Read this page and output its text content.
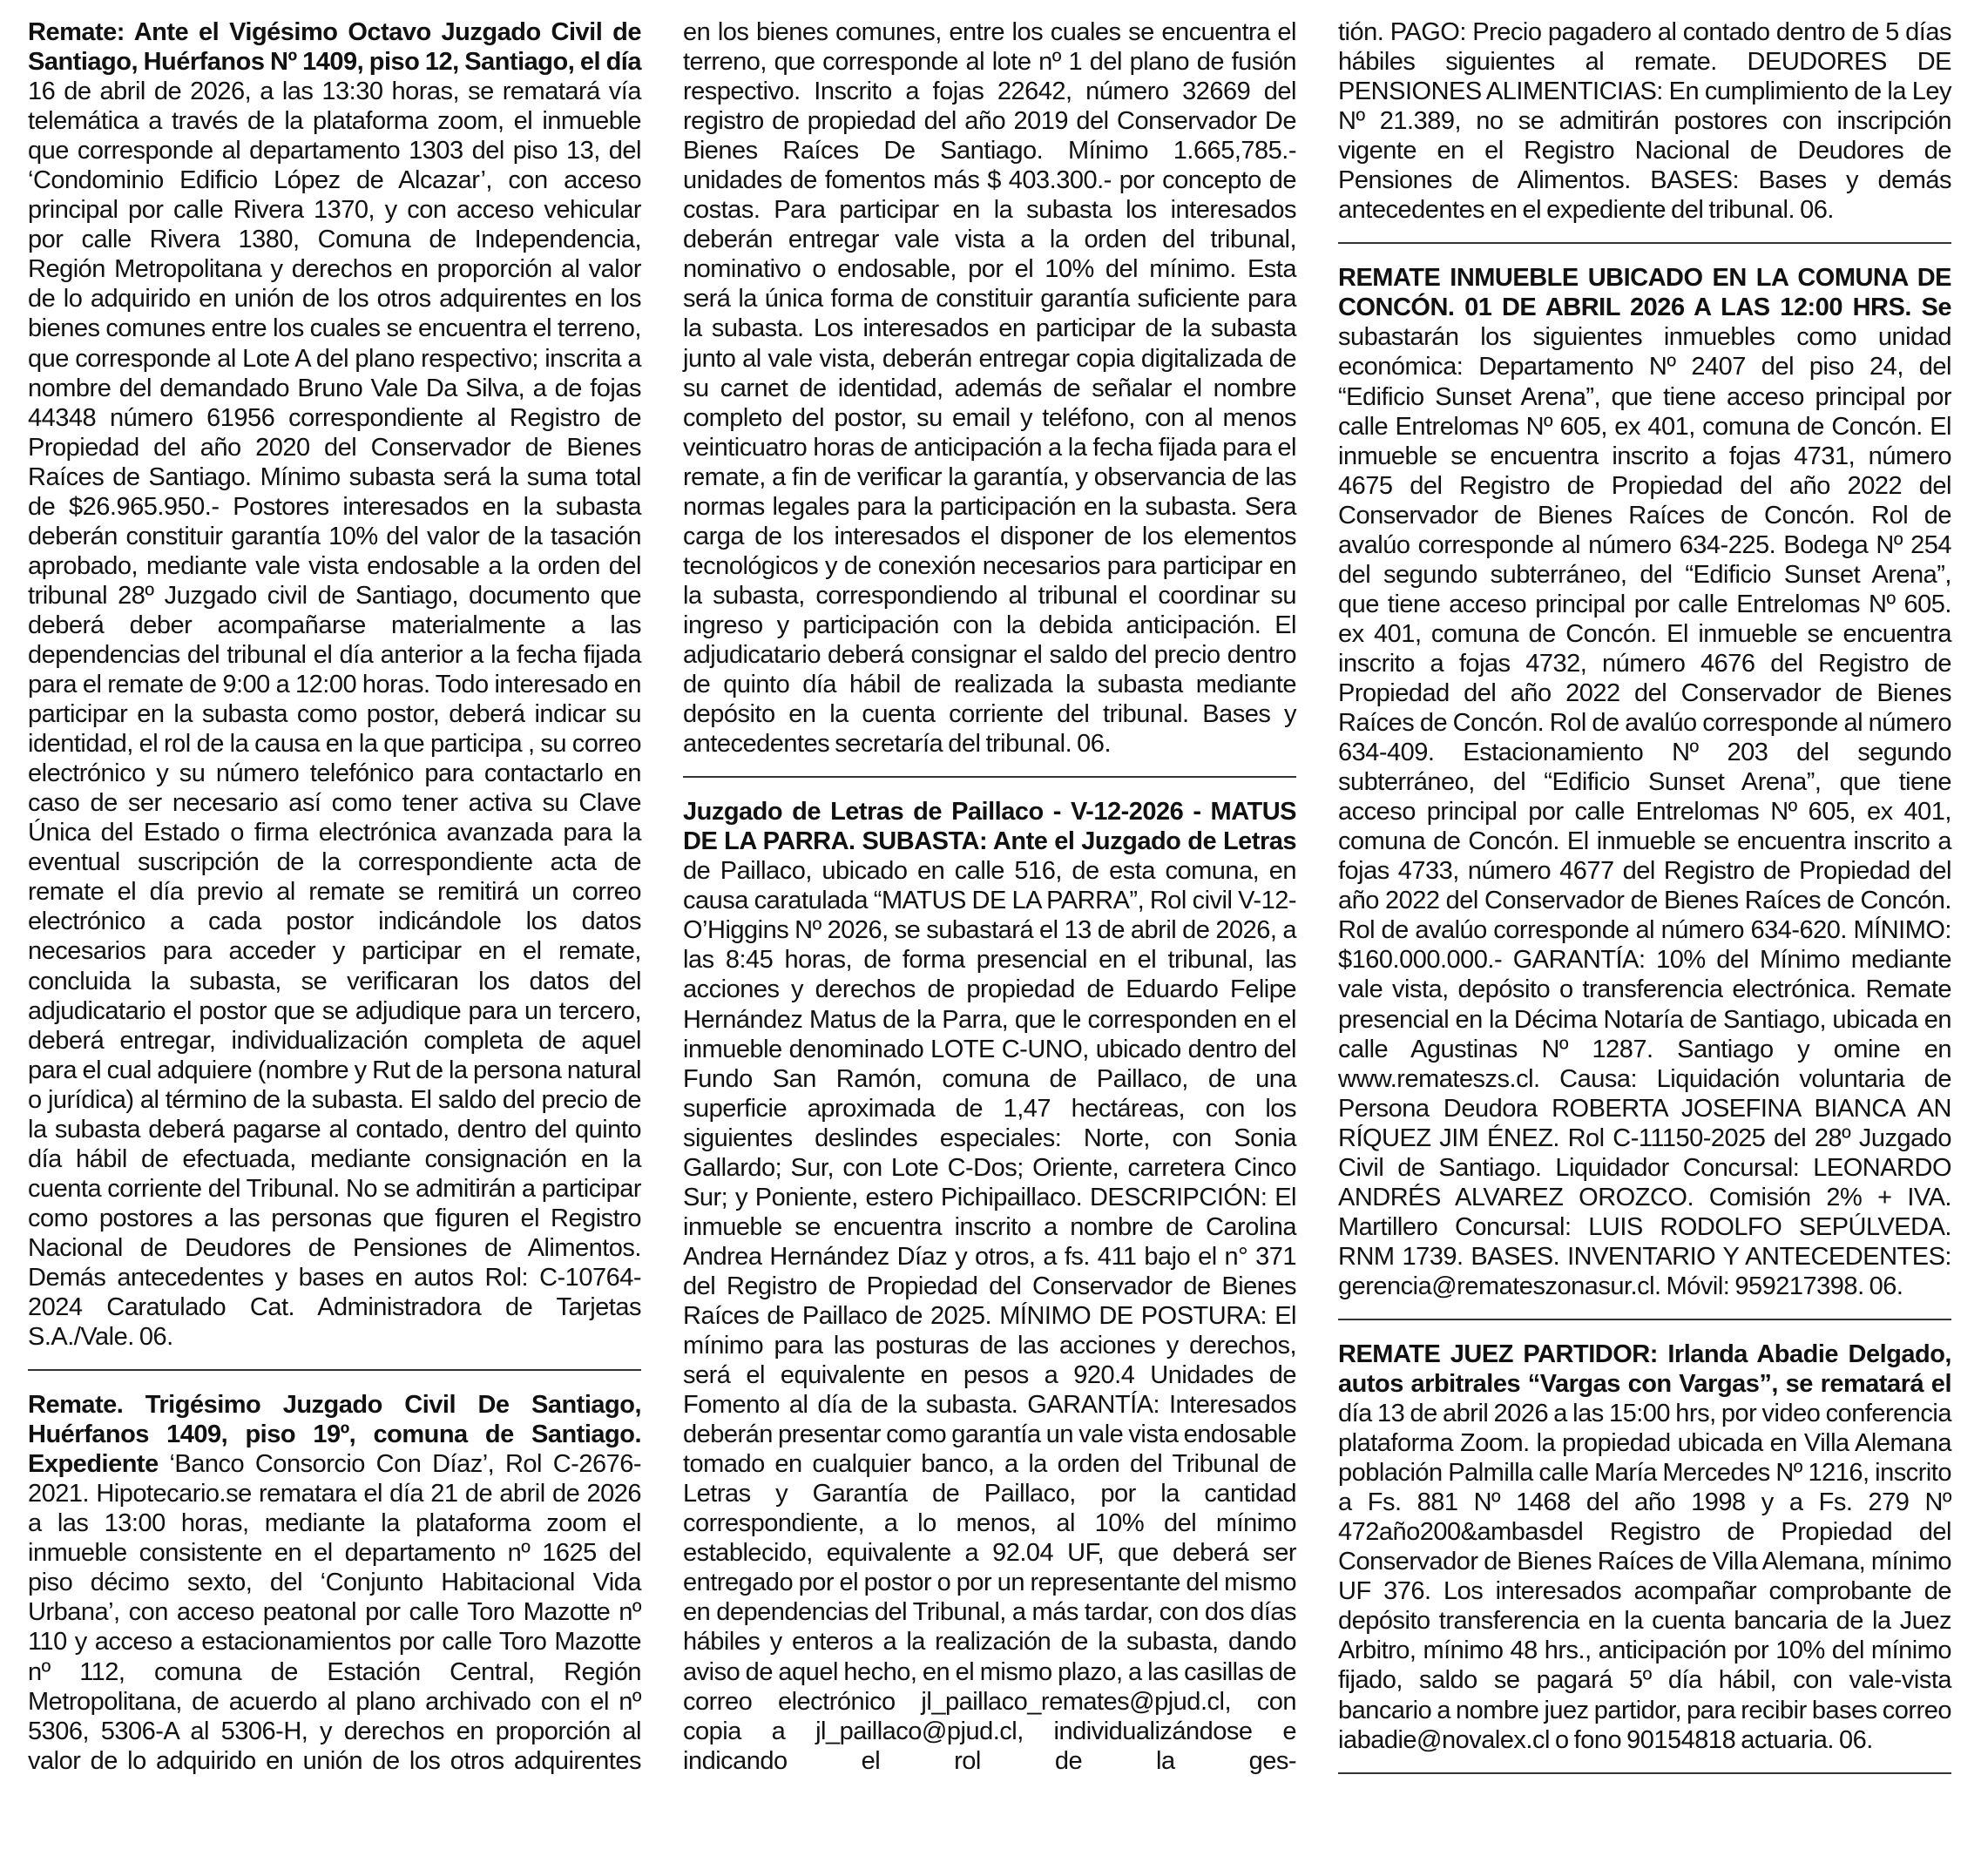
Remate: Ante el Vigésimo Octavo Juzgado Civil de Santiago, Huérfanos Nº 1409, piso 12, Santiago, el día 16 de abril de 2026, a las 13:30 horas, se rematará vía telemática a través de la plataforma zoom, el inmueble que corresponde al departamento 1303 del piso 13, del ‘Condominio Edificio López de Alcazar’, con acceso principal por calle Rivera 1370, y con acceso vehicular por calle Rivera 1380, Comuna de Independencia, Región Metropolitana y derechos en proporción al valor de lo adquirido en unión de los otros adquirentes en los bienes comunes entre los cuales se encuentra el terreno, que corresponde al Lote A del plano respectivo; inscrita a nombre del demandado Bruno Vale Da Silva, a de fojas 44348 número 61956 correspondiente al Registro de Propiedad del año 2020 del Conservador de Bienes Raíces de Santiago. Mínimo subasta será la suma total de $26.965.950.- Postores interesados en la subasta deberán constituir garantía 10% del valor de la tasación aprobado, mediante vale vista endosable a la orden del tribunal 28º Juzgado civil de Santiago, documento que deberá deber acompañarse materialmente a las dependencias del tribunal el día anterior a la fecha fijada para el remate de 9:00 a 12:00 horas. Todo interesado en participar en la subasta como postor, deberá indicar su identidad, el rol de la causa en la que participa , su correo electrónico y su número telefónico para contactarlo en caso de ser necesario así como tener activa su Clave Única del Estado o firma electrónica avanzada para la eventual suscripción de la correspondiente acta de remate el día previo al remate se remitirá un correo electrónico a cada postor indicándole los datos necesarios para acceder y participar en el remate, concluida la subasta, se verificaran los datos del adjudicatario el postor que se adjudique para un tercero, deberá entregar, individualización completa de aquel para el cual adquiere (nombre y Rut de la persona natural o jurídica) al término de la subasta. El saldo del precio de la subasta deberá pagarse al contado, dentro del quinto día hábil de efectuada, mediante consignación en la cuenta corriente del Tribunal. No se admitirán a participar como postores a las personas que figuren el Registro Nacional de Deudores de Pensiones de Alimentos. Demás antecedentes y bases en autos Rol: C-10764-2024 Caratulado Cat. Administradora de Tarjetas S.A./Vale. 06.

Remate. Trigésimo Juzgado Civil De Santiago, Huérfanos 1409, piso 19º, comuna de Santiago. Expediente ‘Banco Consorcio Con Díaz’, Rol C-2676-2021. Hipotecario.se rematara el día 21 de abril de 2026 a las 13:00 horas, mediante la plataforma zoom el inmueble consistente en el departamento nº 1625 del piso décimo sexto, del ‘Conjunto Habitacional Vida Urbana’, con acceso peatonal por calle Toro Mazotte nº 110 y acceso a estacionamientos por calle Toro Mazotte nº 112, comuna de Estación Central, Región Metropolitana, de acuerdo al plano archivado con el nº 5306, 5306-A al 5306-H, y derechos en proporción al valor de lo adquirido en unión de los otros adquirentes

en los bienes comunes, entre los cuales se encuentra el terreno, que corresponde al lote nº 1 del plano de fusión respectivo. Inscrito a fojas 22642, número 32669 del registro de propiedad del año 2019 del Conservador De Bienes Raíces De Santiago. Mínimo 1.665,785.- unidades de fomentos más $ 403.300.- por concepto de costas. Para participar en la subasta los interesados deberán entregar vale vista a la orden del tribunal, nominativo o endosable, por el 10% del mínimo. Esta será la única forma de constituir garantía suficiente para la subasta. Los interesados en participar de la subasta junto al vale vista, deberán entregar copia digitalizada de su carnet de identidad, además de señalar el nombre completo del postor, su email y teléfono, con al menos veinticuatro horas de anticipación a la fecha fijada para el remate, a fin de verificar la garantía, y observancia de las normas legales para la participación en la subasta. Sera carga de los interesados el disponer de los elementos tecnológicos y de conexión necesarios para participar en la subasta, correspondiendo al tribunal el coordinar su ingreso y participación con la debida anticipación. El adjudicatario deberá consignar el saldo del precio dentro de quinto día hábil de realizada la subasta mediante depósito en la cuenta corriente del tribunal. Bases y antecedentes secretaría del tribunal. 06.

Juzgado de Letras de Paillaco - V-12-2026 - MATUS DE LA PARRA. SUBASTA: Ante el Juzgado de Letras de Paillaco, ubicado en calle 516, de esta comuna, en causa caratulada “MATUS DE LA PARRA”, Rol civil V-12- O’Higgins Nº 2026, se subastará el 13 de abril de 2026, a las 8:45 horas, de forma presencial en el tribunal, las acciones y derechos de propiedad de Eduardo Felipe Hernández Matus de la Parra, que le corresponden en el inmueble denominado LOTE C-UNO, ubicado dentro del Fundo San Ramón, comuna de Paillaco, de una superficie aproximada de 1,47 hectáreas, con los siguientes deslindes especiales: Norte, con Sonia Gallardo; Sur, con Lote C-Dos; Oriente, carretera Cinco Sur; y Poniente, estero Pichipaillaco. DESCRIPCIÓN: El inmueble se encuentra inscrito a nombre de Carolina Andrea Hernández Díaz y otros, a fs. 411 bajo el n° 371 del Registro de Propiedad del Conservador de Bienes Raíces de Paillaco de 2025. MÍNIMO DE POSTURA: El mínimo para las posturas de las acciones y derechos, será el equivalente en pesos a 920.4 Unidades de Fomento al día de la subasta. GARANTÍA: Interesados deberán presentar como garantía un vale vista endosable tomado en cualquier banco, a la orden del Tribunal de Letras y Garantía de Paillaco, por la cantidad correspondiente, a lo menos, al 10% del mínimo establecido, equivalente a 92.04 UF, que deberá ser entregado por el postor o por un representante del mismo en dependencias del Tribunal, a más tardar, con dos días hábiles y enteros a la realización de la subasta, dando aviso de aquel hecho, en el mismo plazo, a las casillas de correo electrónico jl_paillaco_remates@pjud.cl, con copia a jl_paillaco@pjud.cl, individualizándose e indicando el rol de la ges-

tión. PAGO: Precio pagadero al contado dentro de 5 días hábiles siguientes al remate. DEUDORES DE PENSIONES ALIMENTICIAS: En cumplimiento de la Ley Nº 21.389, no se admitirán postores con inscripción vigente en el Registro Nacional de Deudores de Pensiones de Alimentos. BASES: Bases y demás antecedentes en el expediente del tribunal. 06.

REMATE INMUEBLE UBICADO EN LA COMUNA DE CONCÓN. 01 DE ABRIL 2026 A LAS 12:00 HRS. Se subastarán los siguientes inmuebles como unidad económica: Departamento Nº 2407 del piso 24, del “Edificio Sunset Arena”, que tiene acceso principal por calle Entrelomas Nº 605, ex 401, comuna de Concón. El inmueble se encuentra inscrito a fojas 4731, número 4675 del Registro de Propiedad del año 2022 del Conservador de Bienes Raíces de Concón. Rol de avalúo corresponde al número 634-225. Bodega Nº 254 del segundo subterráneo, del “Edificio Sunset Arena”, que tiene acceso principal por calle Entrelomas Nº 605. ex 401, comuna de Concón. El inmueble se encuentra inscrito a fojas 4732, número 4676 del Registro de Propiedad del año 2022 del Conservador de Bienes Raíces de Concón. Rol de avalúo corresponde al número 634-409. Estacionamiento Nº 203 del segundo subterráneo, del “Edificio Sunset Arena”, que tiene acceso principal por calle Entrelomas Nº 605, ex 401, comuna de Concón. El inmueble se encuentra inscrito a fojas 4733, número 4677 del Registro de Propiedad del año 2022 del Conservador de Bienes Raíces de Concón. Rol de avalúo corresponde al número 634-620. MÍNIMO: $160.000.000.- GARANTÍA: 10% del Mínimo mediante vale vista, depósito o transferencia electrónica. Remate presencial en la Décima Notaría de Santiago, ubicada en calle Agustinas Nº 1287. Santiago y omine en www.remateszs.cl. Causa: Liquidación voluntaria de Persona Deudora ROBERTA JOSEFINA BIANCA AN RÍQUEZ JIM ÉNEZ. Rol C-11150-2025 del 28º Juzgado Civil de Santiago. Liquidador Concursal: LEONARDO ANDRÉS ALVAREZ OROZCO. Comisión 2% + IVA. Martillero Concursal: LUIS RODOLFO SEPÚLVEDA. RNM 1739. BASES. INVENTARIO Y ANTECEDENTES: gerencia@remateszonasur.cl. Móvil: 959217398. 06.

REMATE JUEZ PARTIDOR: Irlanda Abadie Delgado, autos arbitrales “Vargas con Vargas”, se rematará el día 13 de abril 2026 a las 15:00 hrs, por video conferencia plataforma Zoom. la propiedad ubicada en Villa Alemana población Palmilla calle María Mercedes Nº 1216, inscrito a Fs. 881 Nº 1468 del año 1998 y a Fs. 279 Nº 472año200&ambasdel Registro de Propiedad del Conservador de Bienes Raíces de Villa Alemana, mínimo UF 376. Los interesados acompañar comprobante de depósito transferencia en la cuenta bancaria de la Juez Arbitro, mínimo 48 hrs., anticipación por 10% del mínimo fijado, saldo se pagará 5º día hábil, con vale-vista bancario a nombre juez partidor, para recibir bases correo iabadie@novalex.cl o fono 90154818 actuaria. 06.
